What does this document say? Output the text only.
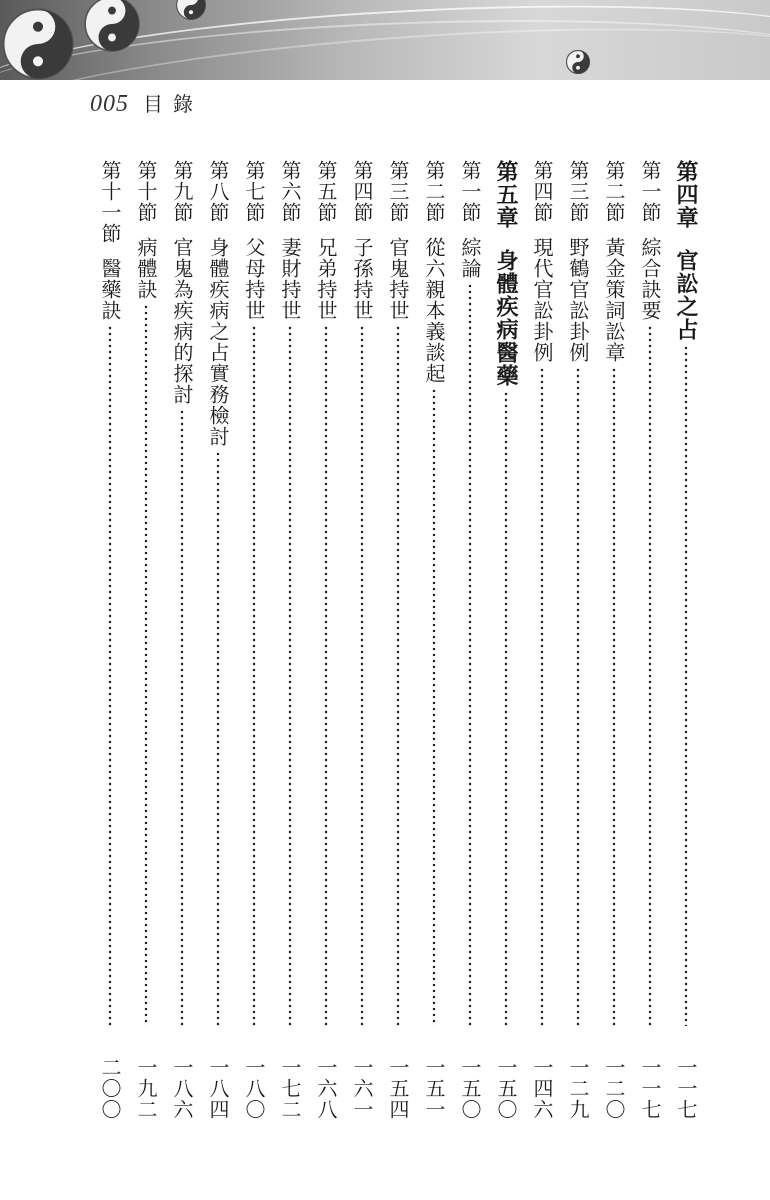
005 目錄
第四章
官訟之占
一一七
第一節
綜合訣要
一一七
第二節
黃金策詞訟章
一二〇
第三節
野鶴官訟卦例
一二九
第四節
現代官訟卦例
一四六
第五章
身體疾病醫藥
一五〇
第一節
綜論
一五〇
第二節
從六親本義談起
一五一
第三節
官鬼持世
一五四
第四節
子孫持世
一六一
第五節
兄弟持世
一六八
第六節
妻財持世
一七二
第七節
父母持世
一八〇
第八節
身體疾病之占實務檢討
一八四
第九節
官鬼為疾病的探討
一八六
第十節
病體訣
一九二
第十一節
醫藥訣
二〇〇
